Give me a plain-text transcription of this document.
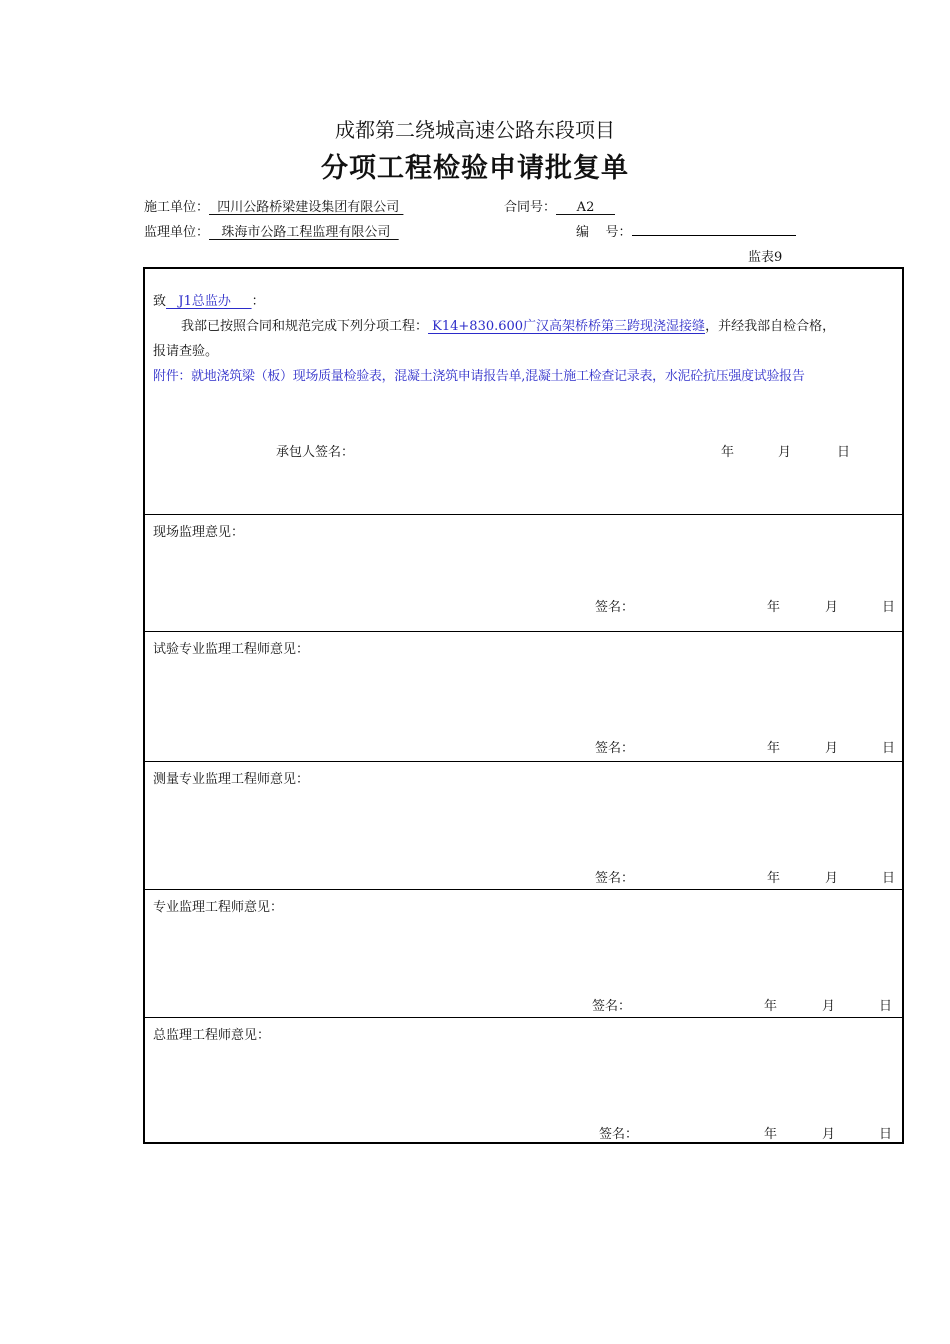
成都第二绕城高速公路东段项目
分项工程检验申请批复单
施工单位：  四川公路桥梁建设集团有限公司	合同号：     A2
监理单位：   珠海市公路工程监理有限公司	编    号：
监表9
致   J1总监办     ：
我部已按照合同和规范完成下列分项工程： K14+830.600广汉高架桥桥第三跨现浇湿接缝，并经我部自检合格，
报请查验。
附件：就地浇筑梁（板）现场质量检验表，混凝土浇筑申请报告单,混凝土施工检查记录表，水泥砼抗压强度试验报告
承包人签名：	年	月	日
现场监理意见：
签名：	年	月	日
试验专业监理工程师意见：
签名：	年	月	日
测量专业监理工程师意见：
签名：	年	月	日
专业监理工程师意见：
签名：	年	月	日
总监理工程师意见：
签名：	年	月	日
